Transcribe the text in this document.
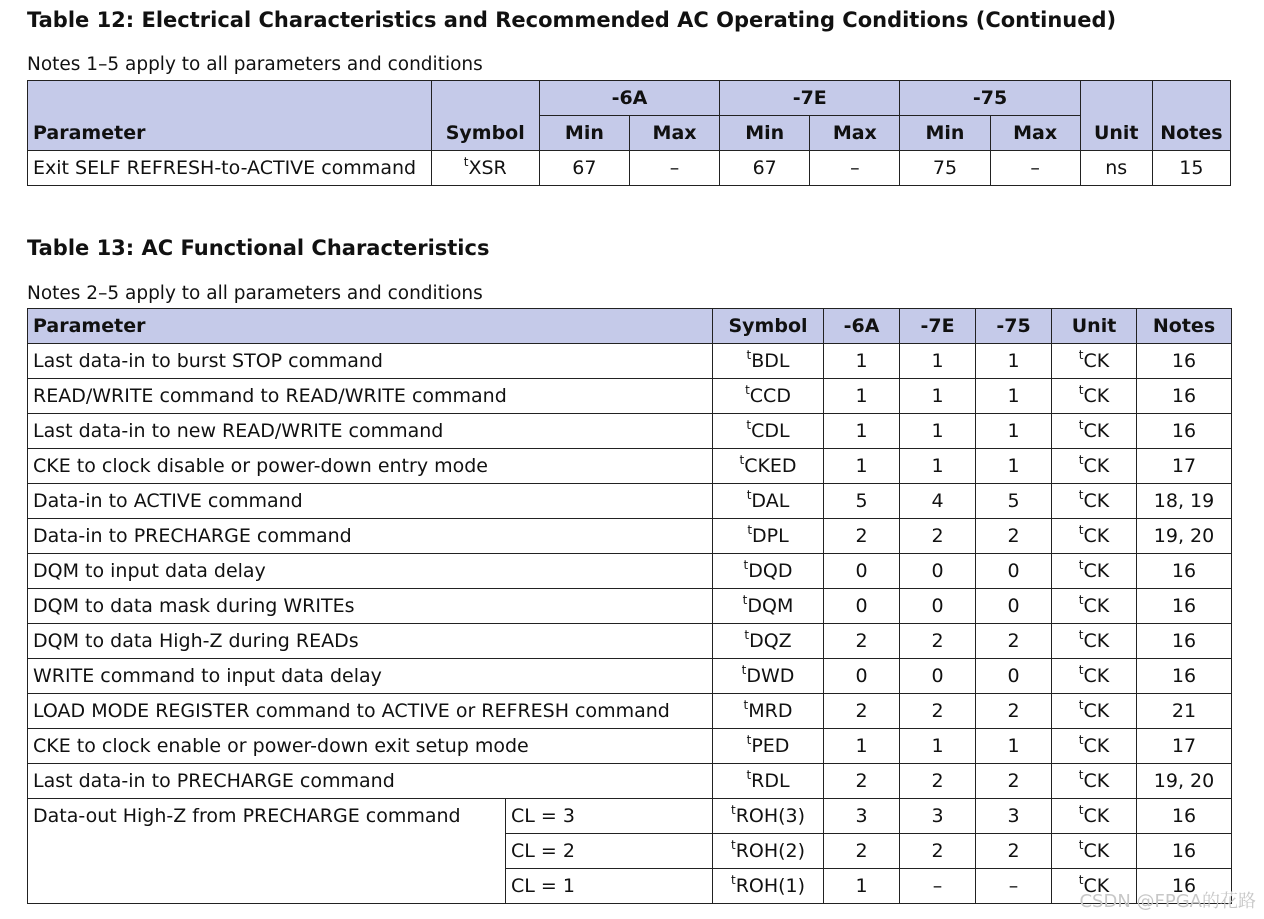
Table 12: Electrical Characteristics and Recommended AC Operating Conditions (Continued)
Notes 1–5 apply to all parameters and conditions
Parameter	Symbol	-6A		-7E		-75		Unit	Notes
		Min	Max	Min	Max	Min	Max		
Exit SELF REFRESH-to-ACTIVE command	$^t$XSR	67	–	67	–	75	–	ns	15
Table 13: AC Functional Characteristics
Notes 2–5 apply to all parameters and conditions
Parameter		Symbol	-6A	-7E	-75	Unit	Notes
Last data-in to burst STOP command		$^t$BDL	1	1	1	$^t$CK	16
READ/WRITE command to READ/WRITE command		$^t$CCD	1	1	1	$^t$CK	16
Last data-in to new READ/WRITE command		$^t$CDL	1	1	1	$^t$CK	16
CKE to clock disable or power-down entry mode		$^t$CKED	1	1	1	$^t$CK	17
Data-in to ACTIVE command		$^t$DAL	5	4	5	$^t$CK	18, 19
Data-in to PRECHARGE command		$^t$DPL	2	2	2	$^t$CK	19, 20
DQM to input data delay		$^t$DQD	0	0	0	$^t$CK	16
DQM to data mask during WRITEs		$^t$DQM	0	0	0	$^t$CK	16
DQM to data High-Z during READs		$^t$DQZ	2	2	2	$^t$CK	16
WRITE command to input data delay		$^t$DWD	0	0	0	$^t$CK	16
LOAD MODE REGISTER command to ACTIVE or REFRESH command		$^t$MRD	2	2	2	$^t$CK	21
CKE to clock enable or power-down exit setup mode		$^t$PED	1	1	1	$^t$CK	17
Last data-in to PRECHARGE command		$^t$RDL	2	2	2	$^t$CK	19, 20
Data-out High-Z from PRECHARGE command	CL = 3	$^t$ROH(3)	3	3	3	$^t$CK	16
	CL = 2	$^t$ROH(2)	2	2	2	$^t$CK	16
	CL = 1	$^t$ROH(1)	1	–	–	$^t$CK	16
CSDN @FPGA的花路
